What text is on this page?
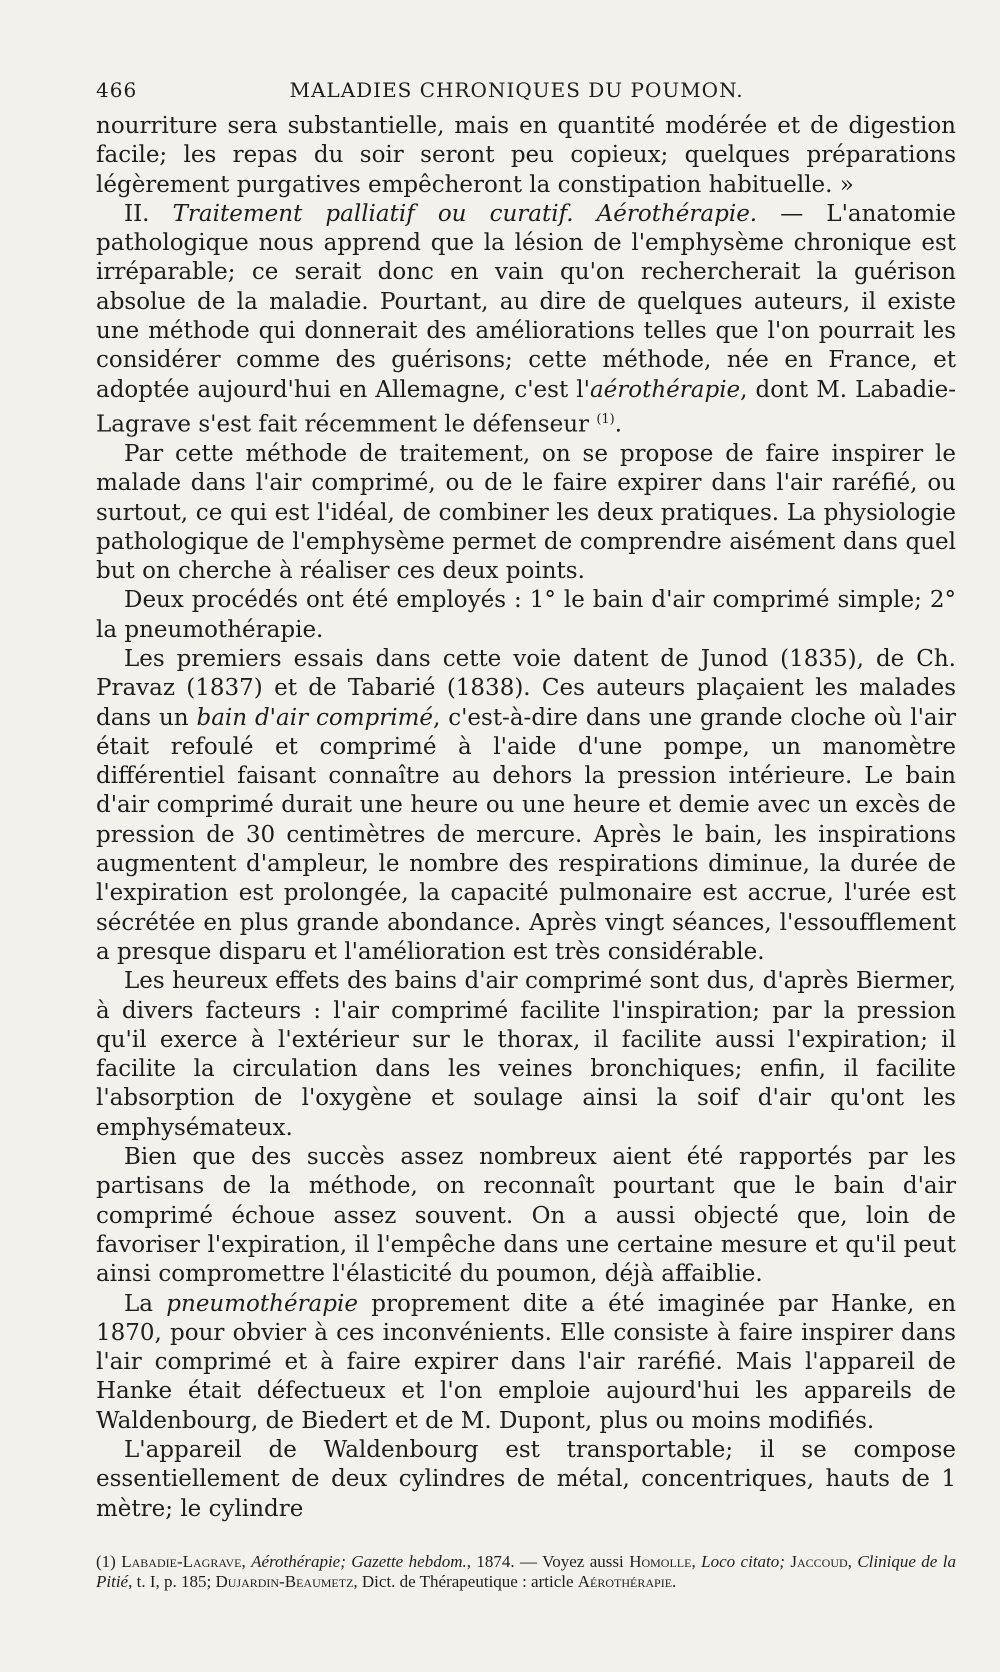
466	MALADIES CHRONIQUES DU POUMON.

nourriture sera substantielle, mais en quantité modérée et de digestion facile; les repas du soir seront peu copieux; quelques préparations légèrement purgatives empêcheront la constipation habituelle. »

II. Traitement palliatif ou curatif. Aérothérapie. — L'anatomie pathologique nous apprend que la lésion de l'emphysème chronique est irréparable; ce serait donc en vain qu'on rechercherait la guérison absolue de la maladie. Pourtant, au dire de quelques auteurs, il existe une méthode qui donnerait des améliorations telles que l'on pourrait les considérer comme des guérisons; cette méthode, née en France, et adoptée aujourd'hui en Allemagne, c'est l'aérothérapie, dont M. Labadie-Lagrave s'est fait récemment le défenseur $^{(1)}$.

Par cette méthode de traitement, on se propose de faire inspirer le malade dans l'air comprimé, ou de le faire expirer dans l'air raréfié, ou surtout, ce qui est l'idéal, de combiner les deux pratiques. La physiologie pathologique de l'emphysème permet de comprendre aisément dans quel but on cherche à réaliser ces deux points.

Deux procédés ont été employés : 1° le bain d'air comprimé simple; 2° la pneumothérapie.

Les premiers essais dans cette voie datent de Junod (1835), de Ch. Pravaz (1837) et de Tabarié (1838). Ces auteurs plaçaient les malades dans un bain d'air comprimé, c'est-à-dire dans une grande cloche où l'air était refoulé et comprimé à l'aide d'une pompe, un manomètre différentiel faisant connaître au dehors la pression intérieure. Le bain d'air comprimé durait une heure ou une heure et demie avec un excès de pression de 30 centimètres de mercure. Après le bain, les inspirations augmentent d'ampleur, le nombre des respirations diminue, la durée de l'expiration est prolongée, la capacité pulmonaire est accrue, l'urée est sécrétée en plus grande abondance. Après vingt séances, l'essoufflement a presque disparu et l'amélioration est très considérable.

Les heureux effets des bains d'air comprimé sont dus, d'après Biermer, à divers facteurs : l'air comprimé facilite l'inspiration; par la pression qu'il exerce à l'extérieur sur le thorax, il facilite aussi l'expiration; il facilite la circulation dans les veines bronchiques; enfin, il facilite l'absorption de l'oxygène et soulage ainsi la soif d'air qu'ont les emphysémateux.

Bien que des succès assez nombreux aient été rapportés par les partisans de la méthode, on reconnaît pourtant que le bain d'air comprimé échoue assez souvent. On a aussi objecté que, loin de favoriser l'expiration, il l'empêche dans une certaine mesure et qu'il peut ainsi compromettre l'élasticité du poumon, déjà affaiblie.

La pneumothérapie proprement dite a été imaginée par Hanke, en 1870, pour obvier à ces inconvénients. Elle consiste à faire inspirer dans l'air comprimé et à faire expirer dans l'air raréfié. Mais l'appareil de Hanke était défectueux et l'on emploie aujourd'hui les appareils de Waldenbourg, de Biedert et de M. Dupont, plus ou moins modifiés.

L'appareil de Waldenbourg est transportable; il se compose essentiellement de deux cylindres de métal, concentriques, hauts de 1 mètre; le cylindre

(1) Labadie-Lagrave, Aérothérapie; Gazette hebdom., 1874. — Voyez aussi Homolle, Loco citato; Jaccoud, Clinique de la Pitié, t. I, p. 185; Dujardin-Beaumetz, Dict. de Thérapeutique : article Aérothérapie.
